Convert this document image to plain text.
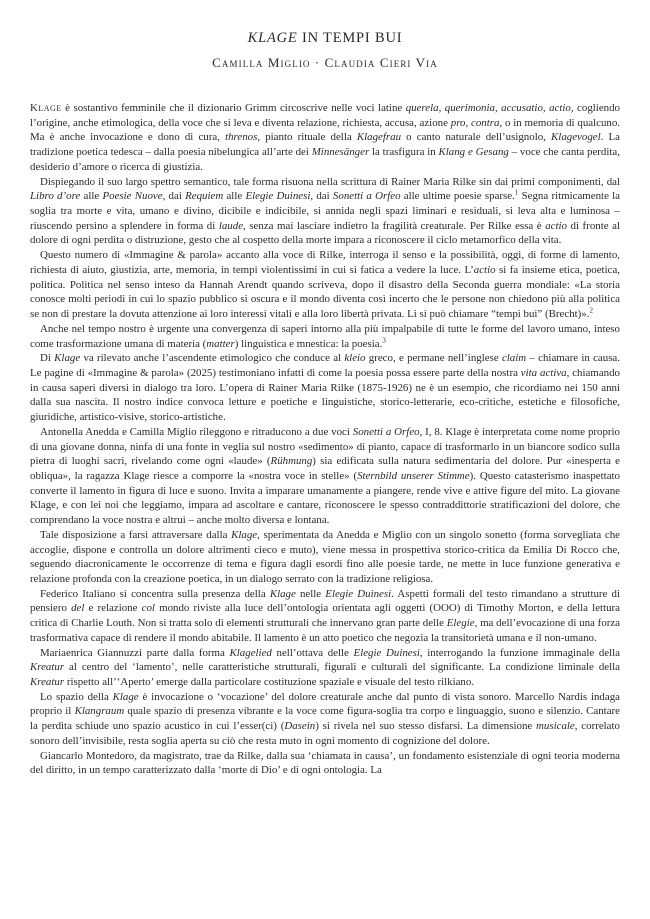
KLAGE IN TEMPI BUI
Camilla Miglio · Claudia Cieri Via

Klage è sostantivo femminile che il dizionario Grimm circoscrive nelle voci latine querela, querimonia, accusatio, actio, cogliendo l’origine, anche etimologica, della voce che si leva e diventa relazione, richiesta, accusa, azione pro, contra, o in memoria di qualcuno. Ma è anche invocazione e dono di cura, threnos, pianto rituale della Klagefrau o canto naturale dell’usignolo, Klagevogel. La tradizione poetica tedesca – dalla poesia nibelungica all’arte dei Minnesänger la trasfigura in Klang e Gesang – voce che canta perdita, desiderio d’amore o ricerca di giustizia.

Dispiegando il suo largo spettro semantico, tale forma risuona nella scrittura di Rainer Maria Rilke sin dai primi componimenti, dal Libro d’ore alle Poesie Nuove, dai Requiem alle Elegie Duinesi, dai Sonetti a Orfeo alle ultime poesie sparse.$^1$ Segna ritmicamente la soglia tra morte e vita, umano e divino, dicibile e indicibile, si annida negli spazi liminari e residuali, si leva alta e luminosa – riuscendo persino a splendere in forma di laude, senza mai lasciare indietro la fragilità creaturale. Per Rilke essa è actio di fronte al dolore di ogni perdita o distruzione, gesto che al cospetto della morte impara a riconoscere il ciclo metamorfico della vita.

Questo numero di «Immagine & parola» accanto alla voce di Rilke, interroga il senso e la possibilità, oggi, di forme di lamento, richiesta di aiuto, giustizia, arte, memoria, in tempi violentissimi in cui si fatica a vedere la luce. L’actio si fa insieme etica, poetica, politica. Politica nel senso inteso da Hannah Arendt quando scriveva, dopo il disastro della Seconda guerra mondiale: «La storia conosce molti periodi in cui lo spazio pubblico si oscura e il mondo diventa così incerto che le persone non chiedono più alla politica se non di prestare la dovuta attenzione ai loro interessi vitali e alla loro libertà privata. Li si può chiamare “tempi bui” (Brecht)».$^2$

Anche nel tempo nostro è urgente una convergenza di saperi intorno alla più impalpabile di tutte le forme del lavoro umano, inteso come trasformazione umana di materia (matter) linguistica e mnestica: la poesia.$^3$

Di Klage va rilevato anche l’ascendente etimologico che conduce al kleio greco, e permane nell’inglese claim – chiamare in causa. Le pagine di «Immagine & parola» (2025) testimoniano infatti di come la poesia possa essere parte della nostra vita activa, chiamando in causa saperi diversi in dialogo tra loro. L’opera di Rainer Maria Rilke (1875-1926) ne è un esempio, che ricordiamo nei 150 anni dalla sua nascita. Il nostro indice convoca letture e poetiche e linguistiche, storico-letterarie, eco-critiche, estetiche e filosofiche, giuridiche, artistico-visive, storico-artistiche.

Antonella Anedda e Camilla Miglio rileggono e ritraducono a due voci Sonetti a Orfeo, I, 8. Klage è interpretata come nome proprio di una giovane donna, ninfa di una fonte in veglia sul nostro «sedimento» di pianto, capace di trasformarlo in un biancore sodico sulla pietra di luoghi sacri, rivelando come ogni «laude» (Rühmung) sia edificata sulla natura sedimentaria del dolore. Pur «inesperta e obliqua», la ragazza Klage riesce a comporre la «nostra voce in stelle» (Sternbild unserer Stimme). Questo catasterismo inaspettato converte il lamento in figura di luce e suono. Invita a imparare umanamente a piangere, rende vive e attive figure del mito. La giovane Klage, e con lei noi che leggiamo, impara ad ascoltare e cantare, riconoscere le spesso contraddittorie stratificazioni del dolore, che comprendano la voce nostra e altrui – anche molto diversa e lontana.

Tale disposizione a farsi attraversare dalla Klage, sperimentata da Anedda e Miglio con un singolo sonetto (forma sorvegliata che accoglie, dispone e controlla un dolore altrimenti cieco e muto), viene messa in prospettiva storico-critica da Emilia Di Rocco che, seguendo diacronicamente le occorrenze di tema e figura dagli esordi fino alle poesie tarde, ne mette in luce funzione generativa e relazione profonda con la creazione poetica, in un dialogo serrato con la tradizione religiosa.

Federico Italiano si concentra sulla presenza della Klage nelle Elegie Duinesi. Aspetti formali del testo rimandano a strutture di pensiero del e relazione col mondo riviste alla luce dell’ontologia orientata agli oggetti (OOO) di Timothy Morton, e della lettura critica di Charlie Louth. Non si tratta solo di elementi strutturali che innervano gran parte delle Elegie, ma dell’evocazione di una forza trasformativa capace di rendere il mondo abitabile. Il lamento è un atto poetico che negozia la transitorietà umana e il non-umano.

Mariaenrica Giannuzzi parte dalla forma Klagelied nell’ottava delle Elegie Duinesi, interrogando la funzione immaginale della Kreatur al centro del ‘lamento’, nelle caratteristiche strutturali, figurali e culturali del significante. La condizione liminale della Kreatur rispetto all’‘Aperto’ emerge dalla particolare costituzione spaziale e visuale del testo rilkiano.

Lo spazio della Klage è invocazione o ‘vocazione’ del dolore creaturale anche dal punto di vista sonoro. Marcello Nardis indaga proprio il Klangraum quale spazio di presenza vibrante e la voce come figura-soglia tra corpo e linguaggio, suono e silenzio. Cantare la perdita schiude uno spazio acustico in cui l’esser(ci) (Dasein) si rivela nel suo stesso disfarsi. La dimensione musicale, correlato sonoro dell’invisibile, resta soglia aperta su ciò che resta muto in ogni momento di cognizione del dolore.

Giancarlo Montedoro, da magistrato, trae da Rilke, dalla sua ‘chiamata in causa’, un fondamento esistenziale di ogni teoria moderna del diritto, in un tempo caratterizzato dalla ‘morte di Dio’ e di ogni ontologia. La
